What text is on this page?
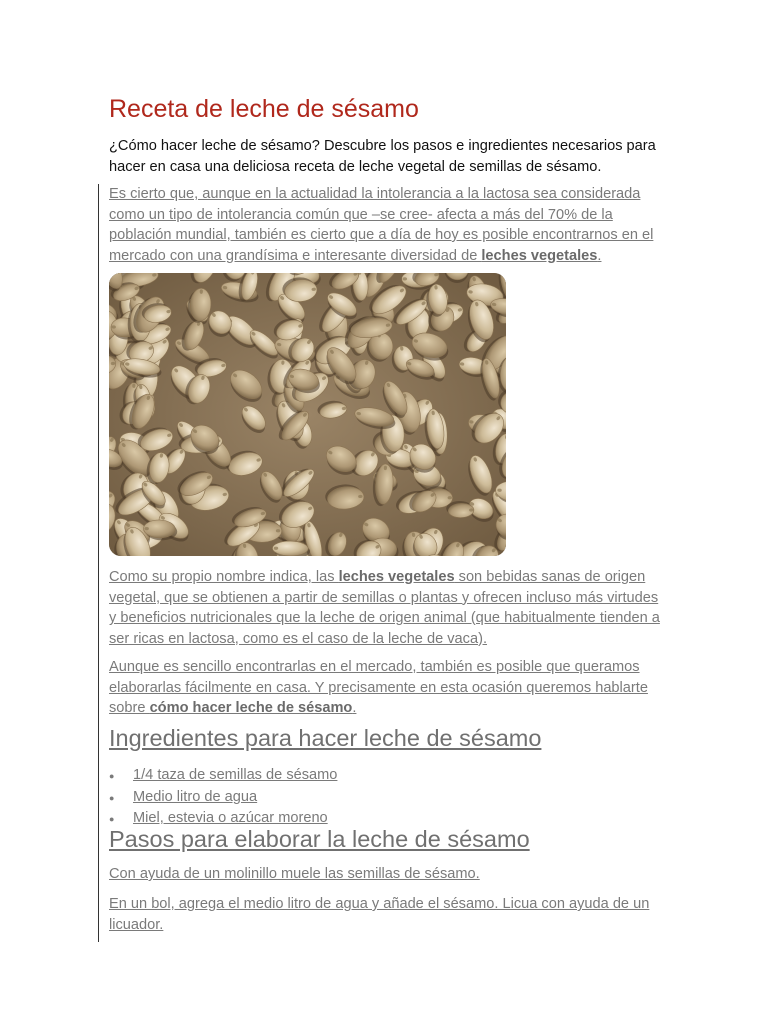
Receta de leche de sésamo

¿Cómo hacer leche de sésamo? Descubre los pasos e ingredientes necesarios para hacer en casa una deliciosa receta de leche vegetal de semillas de sésamo.

Es cierto que, aunque en la actualidad la intolerancia a la lactosa sea considerada como un tipo de intolerancia común que –se cree- afecta a más del 70% de la población mundial, también es cierto que a día de hoy es posible encontrarnos en el mercado con una grandísima e interesante diversidad de leches vegetales.

Como su propio nombre indica, las leches vegetales son bebidas sanas de origen vegetal, que se obtienen a partir de semillas o plantas y ofrecen incluso más virtudes y beneficios nutricionales que la leche de origen animal (que habitualmente tienden a ser ricas en lactosa, como es el caso de la leche de vaca).

Aunque es sencillo encontrarlas en el mercado, también es posible que queramos elaborarlas fácilmente en casa. Y precisamente en esta ocasión queremos hablarte sobre cómo hacer leche de sésamo.

Ingredientes para hacer leche de sésamo
● 1/4 taza de semillas de sésamo
● Medio litro de agua
● Miel, estevia o azúcar moreno
Pasos para elaborar la leche de sésamo

Con ayuda de un molinillo muele las semillas de sésamo.

En un bol, agrega el medio litro de agua y añade el sésamo. Licua con ayuda de un licuador.
